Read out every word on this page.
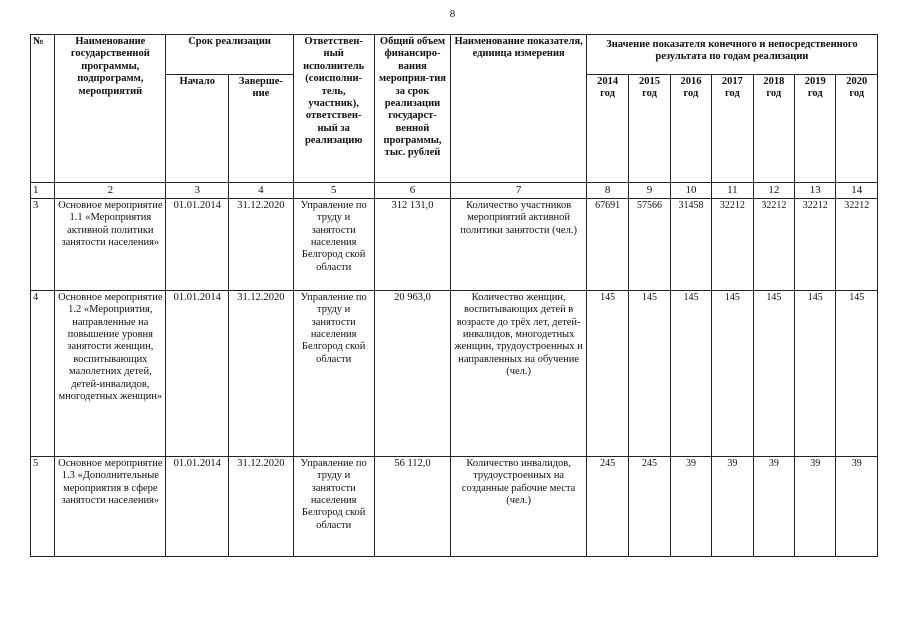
8
№	Наименование государственной программы, подпрограмм, мероприятий	Срок реализации		Ответствен-ный исполнитель (соисполни-тель, участник), ответствен-ный за реализацию	Общий объем финансиро-вания мероприя-тия за срок реализации государст-венной программы, тыс. рублей	Наименование показателя, единица измерения	Значение показателя конечного и непосредственного результата по годам реализации						
		Начало	Заверше-ние				2014 год	2015 год	2016 год	2017 год	2018 год	2019 год	2020 год
1	2	3	4	5	6	7	8	9	10	11	12	13	14
3	Основное мероприятие 1.1 «Мероприятия активной политики занятости населения»	01.01.2014	31.12.2020	Управление по труду и занятости населения Белгород ской области	312 131,0	Количество участников мероприятий активной политики занятости (чел.)	67691	57566	31458	32212	32212	32212	32212
4	Основное мероприятие 1.2 «Мероприятия, направленные на повышение уровня занятости женщин, воспитывающих малолетних детей, детей-инвалидов, многодетных женщин»	01.01.2014	31.12.2020	Управление по труду и занятости населения Белгород ской области	20 963,0	Количество женщин, воспитывающих детей в возрасте до трёх лет, детей-инвалидов, многодетных женщин, трудоустроенных и направленных на обучение (чел.)	145	145	145	145	145	145	145
5	Основное мероприятие 1.3 «Дополнительные мероприятия в сфере занятости населения»	01.01.2014	31.12.2020	Управление по труду и занятости населения Белгород ской области	56 112,0	Количество инвалидов, трудоустроенных на созданные рабочие места (чел.)	245	245	39	39	39	39	39
